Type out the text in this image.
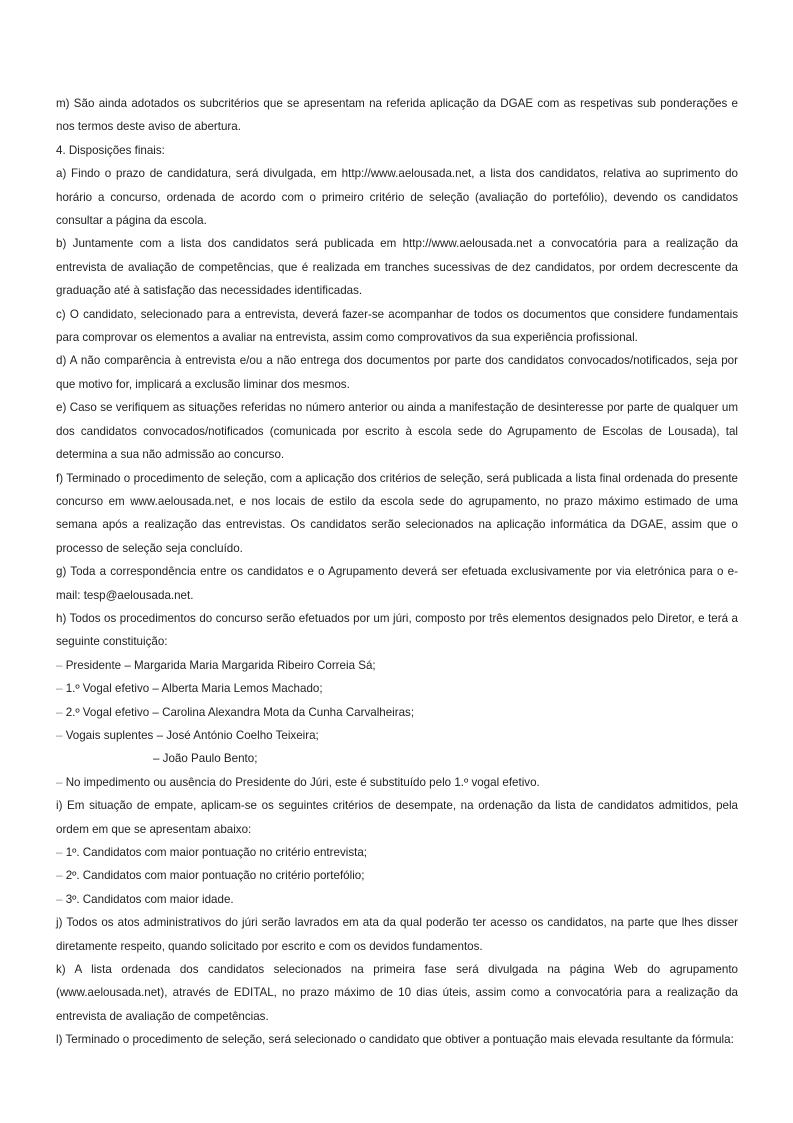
m) São ainda adotados os subcritérios que se apresentam na referida aplicação da DGAE com as respetivas sub ponderações e nos termos deste aviso de abertura.

4. Disposições finais:

a) Findo o prazo de candidatura, será divulgada, em http://www.aelousada.net, a lista dos candidatos, relativa ao suprimento do horário a concurso, ordenada de acordo com o primeiro critério de seleção (avaliação do portefólio), devendo os candidatos consultar a página da escola.

b) Juntamente com a lista dos candidatos será publicada em http://www.aelousada.net a convocatória para a realização da entrevista de avaliação de competências, que é realizada em tranches sucessivas de dez candidatos, por ordem decrescente da graduação até à satisfação das necessidades identificadas.

c) O candidato, selecionado para a entrevista, deverá fazer-se acompanhar de todos os documentos que considere fundamentais para comprovar os elementos a avaliar na entrevista, assim como comprovativos da sua experiência profissional.

d) A não comparência à entrevista e/ou a não entrega dos documentos por parte dos candidatos convocados/notificados, seja por que motivo for, implicará a exclusão liminar dos mesmos.

e) Caso se verifiquem as situações referidas no número anterior ou ainda a manifestação de desinteresse por parte de qualquer um dos candidatos convocados/notificados (comunicada por escrito à escola sede do Agrupamento de Escolas de Lousada), tal determina a sua não admissão ao concurso.

f) Terminado o procedimento de seleção, com a aplicação dos critérios de seleção, será publicada a lista final ordenada do presente concurso em www.aelousada.net, e nos locais de estilo da escola sede do agrupamento, no prazo máximo estimado de uma semana após a realização das entrevistas. Os candidatos serão selecionados na aplicação informática da DGAE, assim que o processo de seleção seja concluído.

g) Toda a correspondência entre os candidatos e o Agrupamento deverá ser efetuada exclusivamente por via eletrónica para o e-mail: tesp@aelousada.net.

h) Todos os procedimentos do concurso serão efetuados por um júri, composto por três elementos designados pelo Diretor, e terá a seguinte constituição:

– Presidente – Margarida Maria Margarida Ribeiro Correia Sá;

– 1.º Vogal efetivo – Alberta Maria Lemos Machado;

– 2.º Vogal efetivo – Carolina Alexandra Mota da Cunha Carvalheiras;

– Vogais suplentes – José António Coelho Teixeira;

– João Paulo Bento;

– No impedimento ou ausência do Presidente do Júri, este é substituído pelo 1.º vogal efetivo.

i) Em situação de empate, aplicam-se os seguintes critérios de desempate, na ordenação da lista de candidatos admitidos, pela ordem em que se apresentam abaixo:

– 1º. Candidatos com maior pontuação no critério entrevista;

– 2º. Candidatos com maior pontuação no critério portefólio;

– 3º. Candidatos com maior idade.

j) Todos os atos administrativos do júri serão lavrados em ata da qual poderão ter acesso os candidatos, na parte que lhes disser diretamente respeito, quando solicitado por escrito e com os devidos fundamentos.

k) A lista ordenada dos candidatos selecionados na primeira fase será divulgada na página Web do agrupamento (www.aelousada.net), através de EDITAL, no prazo máximo de 10 dias úteis, assim como a convocatória para a realização da entrevista de avaliação de competências.

l) Terminado o procedimento de seleção, será selecionado o candidato que obtiver a pontuação mais elevada resultante da fórmula:
